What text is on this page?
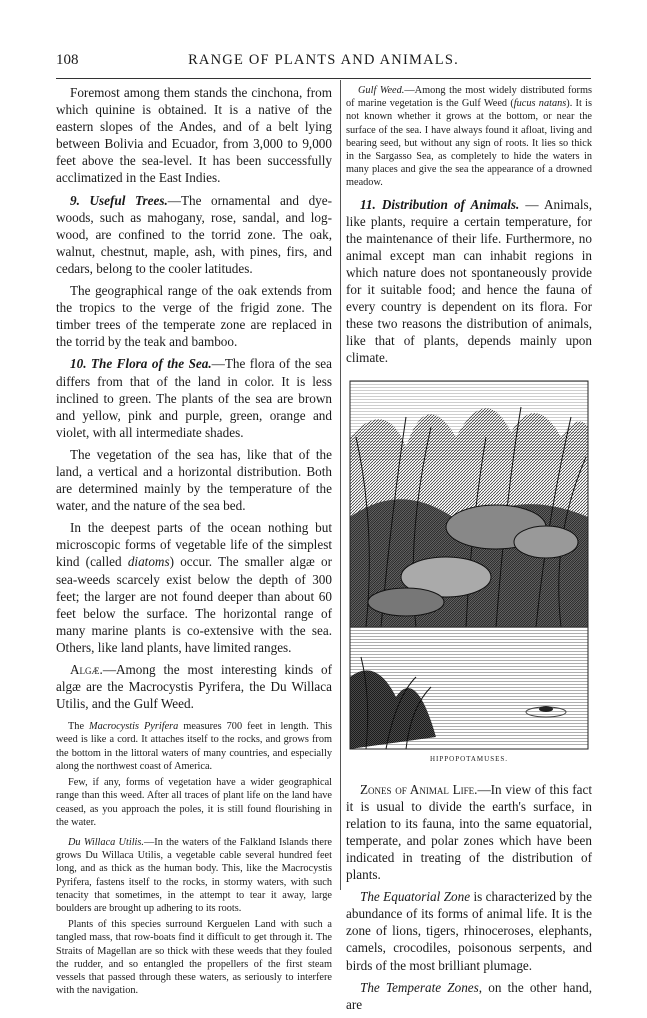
108	RANGE OF PLANTS AND ANIMALS.

Foremost among them stands the cinchona, from which quinine is obtained. It is a native of the eastern slopes of the Andes, and of a belt lying between Bolivia and Ecuador, from 3,000 to 9,000 feet above the sea-level. It has been successfully acclimatized in the East Indies.

9. Useful Trees.—The ornamental and dye-woods, such as mahogany, rose, sandal, and log-wood, are confined to the torrid zone. The oak, walnut, chestnut, maple, ash, with pines, firs, and cedars, belong to the cooler latitudes.

The geographical range of the oak extends from the tropics to the verge of the frigid zone. The timber trees of the temperate zone are replaced in the torrid by the teak and bamboo.

10. The Flora of the Sea.—The flora of the sea differs from that of the land in color. It is less inclined to green. The plants of the sea are brown and yellow, pink and purple, green, orange and violet, with all intermediate shades.

The vegetation of the sea has, like that of the land, a vertical and a horizontal distribution. Both are determined mainly by the temperature of the water, and the nature of the sea bed.

In the deepest parts of the ocean nothing but microscopic forms of vegetable life of the simplest kind (called diatoms) occur. The smaller algæ or sea-weeds scarcely exist below the depth of 300 feet; the larger are not found deeper than about 60 feet below the surface. The horizontal range of many marine plants is co-extensive with the sea. Others, like land plants, have limited ranges.

Algæ.—Among the most interesting kinds of algæ are the Macrocystis Pyrifera, the Du Willaca Utilis, and the Gulf Weed.

The Macrocystis Pyrifera measures 700 feet in length. This weed is like a cord. It attaches itself to the rocks, and grows from the bottom in the littoral waters of many countries, and especially along the northwest coast of America.

Few, if any, forms of vegetation have a wider geographical range than this weed. After all traces of plant life on the land have ceased, as you approach the poles, it is still found flourishing in the water.

Du Willaca Utilis.—In the waters of the Falkland Islands there grows Du Willaca Utilis, a vegetable cable several hundred feet long, and as thick as the human body. This, like the Macrocystis Pyrifera, fastens itself to the rocks, in stormy waters, with such tenacity that sometimes, in the attempt to tear it away, large boulders are brought up adhering to its roots.

Plants of this species surround Kerguelen Land with such a tangled mass, that row-boats find it difficult to get through it. The Straits of Magellan are so thick with these weeds that they fouled the rudder, and so entangled the propellers of the first steam vessels that passed through these waters, as seriously to interfere with the navigation.

Gulf Weed.—Among the most widely distributed forms of marine vegetation is the Gulf Weed (fucus natans). It is not known whether it grows at the bottom, or near the surface of the sea. I have always found it afloat, living and bearing seed, but without any sign of roots. It lies so thick in the Sargasso Sea, as completely to hide the waters in many places and give the sea the appearance of a drowned meadow.

11. Distribution of Animals. — Animals, like plants, require a certain temperature, for the maintenance of their life. Furthermore, no animal except man can inhabit regions in which nature does not spontaneously provide for it suitable food; and hence the fauna of every country is dependent on its flora. For these two reasons the distribution of animals, like that of plants, depends mainly upon climate.

HIPPOPOTAMUSES.

Zones of Animal Life.—In view of this fact it is usual to divide the earth's surface, in relation to its fauna, into the same equatorial, temperate, and polar zones which have been indicated in treating of the distribution of plants.

The Equatorial Zone is characterized by the abundance of its forms of animal life. It is the zone of lions, tigers, rhinoceroses, elephants, camels, crocodiles, poisonous serpents, and birds of the most brilliant plumage.

The Temperate Zones, on the other hand, are
